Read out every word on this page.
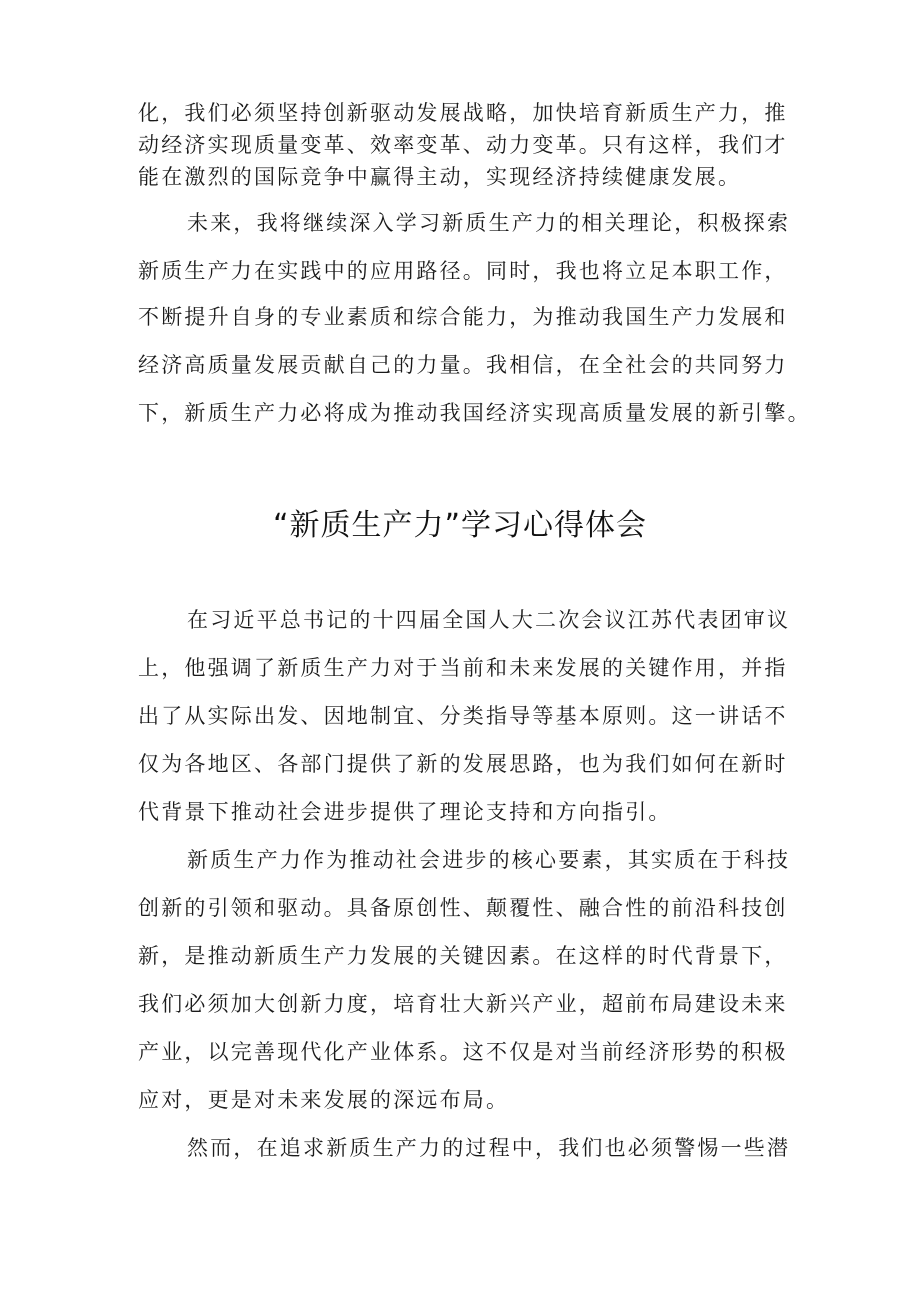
化，我们必须坚持创新驱动发展战略，加快培育新质生产力，推
动经济实现质量变革、效率变革、动力变革。只有这样，我们才
能在激烈的国际竞争中赢得主动，实现经济持续健康发展。
未来，我将继续深入学习新质生产力的相关理论，积极探索
新质生产力在实践中的应用路径。同时，我也将立足本职工作，
不断提升自身的专业素质和综合能力，为推动我国生产力发展和
经济高质量发展贡献自己的力量。我相信，在全社会的共同努力
下，新质生产力必将成为推动我国经济实现高质量发展的新引擎。
“新质生产力”学习心得体会
在习近平总书记的十四届全国人大二次会议江苏代表团审议
上，他强调了新质生产力对于当前和未来发展的关键作用，并指
出了从实际出发、因地制宜、分类指导等基本原则。这一讲话不
仅为各地区、各部门提供了新的发展思路，也为我们如何在新时
代背景下推动社会进步提供了理论支持和方向指引。
新质生产力作为推动社会进步的核心要素，其实质在于科技
创新的引领和驱动。具备原创性、颠覆性、融合性的前沿科技创
新，是推动新质生产力发展的关键因素。在这样的时代背景下，
我们必须加大创新力度，培育壮大新兴产业，超前布局建设未来
产业，以完善现代化产业体系。这不仅是对当前经济形势的积极
应对，更是对未来发展的深远布局。
然而，在追求新质生产力的过程中，我们也必须警惕一些潜
